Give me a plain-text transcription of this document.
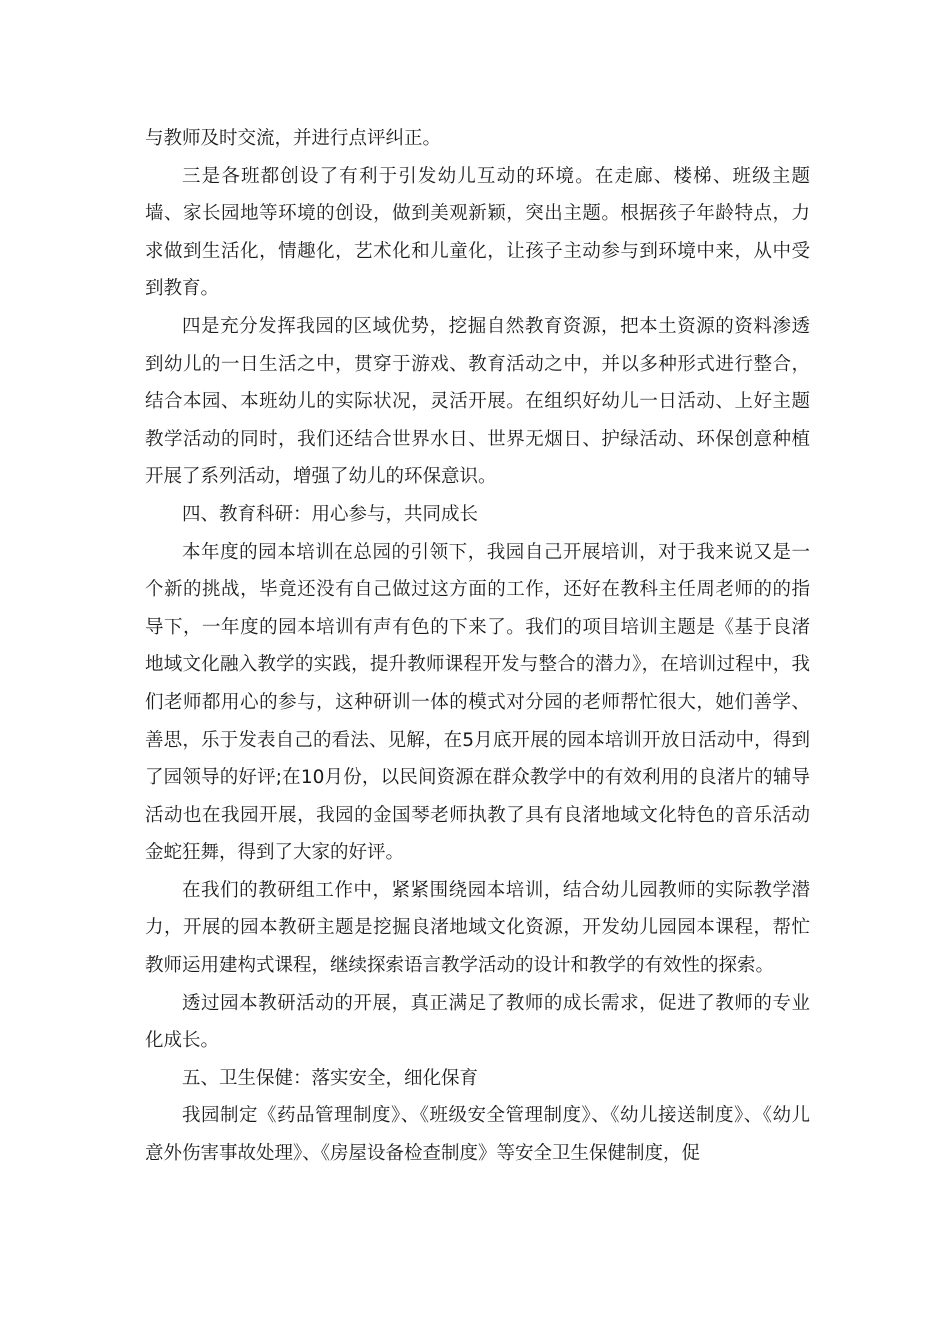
与教师及时交流，并进行点评纠正。

三是各班都创设了有利于引发幼儿互动的环境。在走廊、楼梯、班级主题墙、家长园地等环境的创设，做到美观新颖，突出主题。根据孩子年龄特点，力求做到生活化，情趣化，艺术化和儿童化，让孩子主动参与到环境中来，从中受到教育。

四是充分发挥我园的区域优势，挖掘自然教育资源，把本土资源的资料渗透到幼儿的一日生活之中，贯穿于游戏、教育活动之中，并以多种形式进行整合，结合本园、本班幼儿的实际状况，灵活开展。在组织好幼儿一日活动、上好主题教学活动的同时，我们还结合世界水日、世界无烟日、护绿活动、环保创意种植开展了系列活动，增强了幼儿的环保意识。

四、教育科研：用心参与，共同成长

本年度的园本培训在总园的引领下，我园自己开展培训，对于我来说又是一个新的挑战，毕竟还没有自己做过这方面的工作，还好在教科主任周老师的的指导下，一年度的园本培训有声有色的下来了。我们的项目培训主题是《基于良渚地域文化融入教学的实践，提升教师课程开发与整合的潜力》，在培训过程中，我们老师都用心的参与，这种研训一体的模式对分园的老师帮忙很大，她们善学、善思，乐于发表自己的看法、见解，在5月底开展的园本培训开放日活动中，得到了园领导的好评;在10月份，以民间资源在群众教学中的有效利用的良渚片的辅导活动也在我园开展，我园的金国琴老师执教了具有良渚地域文化特色的音乐活动金蛇狂舞，得到了大家的好评。

在我们的教研组工作中，紧紧围绕园本培训，结合幼儿园教师的实际教学潜力，开展的园本教研主题是挖掘良渚地域文化资源，开发幼儿园园本课程，帮忙教师运用建构式课程，继续探索语言教学活动的设计和教学的有效性的探索。

透过园本教研活动的开展，真正满足了教师的成长需求，促进了教师的专业化成长。

五、卫生保健：落实安全，细化保育

我园制定《药品管理制度》、《班级安全管理制度》、《幼儿接送制度》、《幼儿意外伤害事故处理》、《房屋设备检查制度》等安全卫生保健制度，促
